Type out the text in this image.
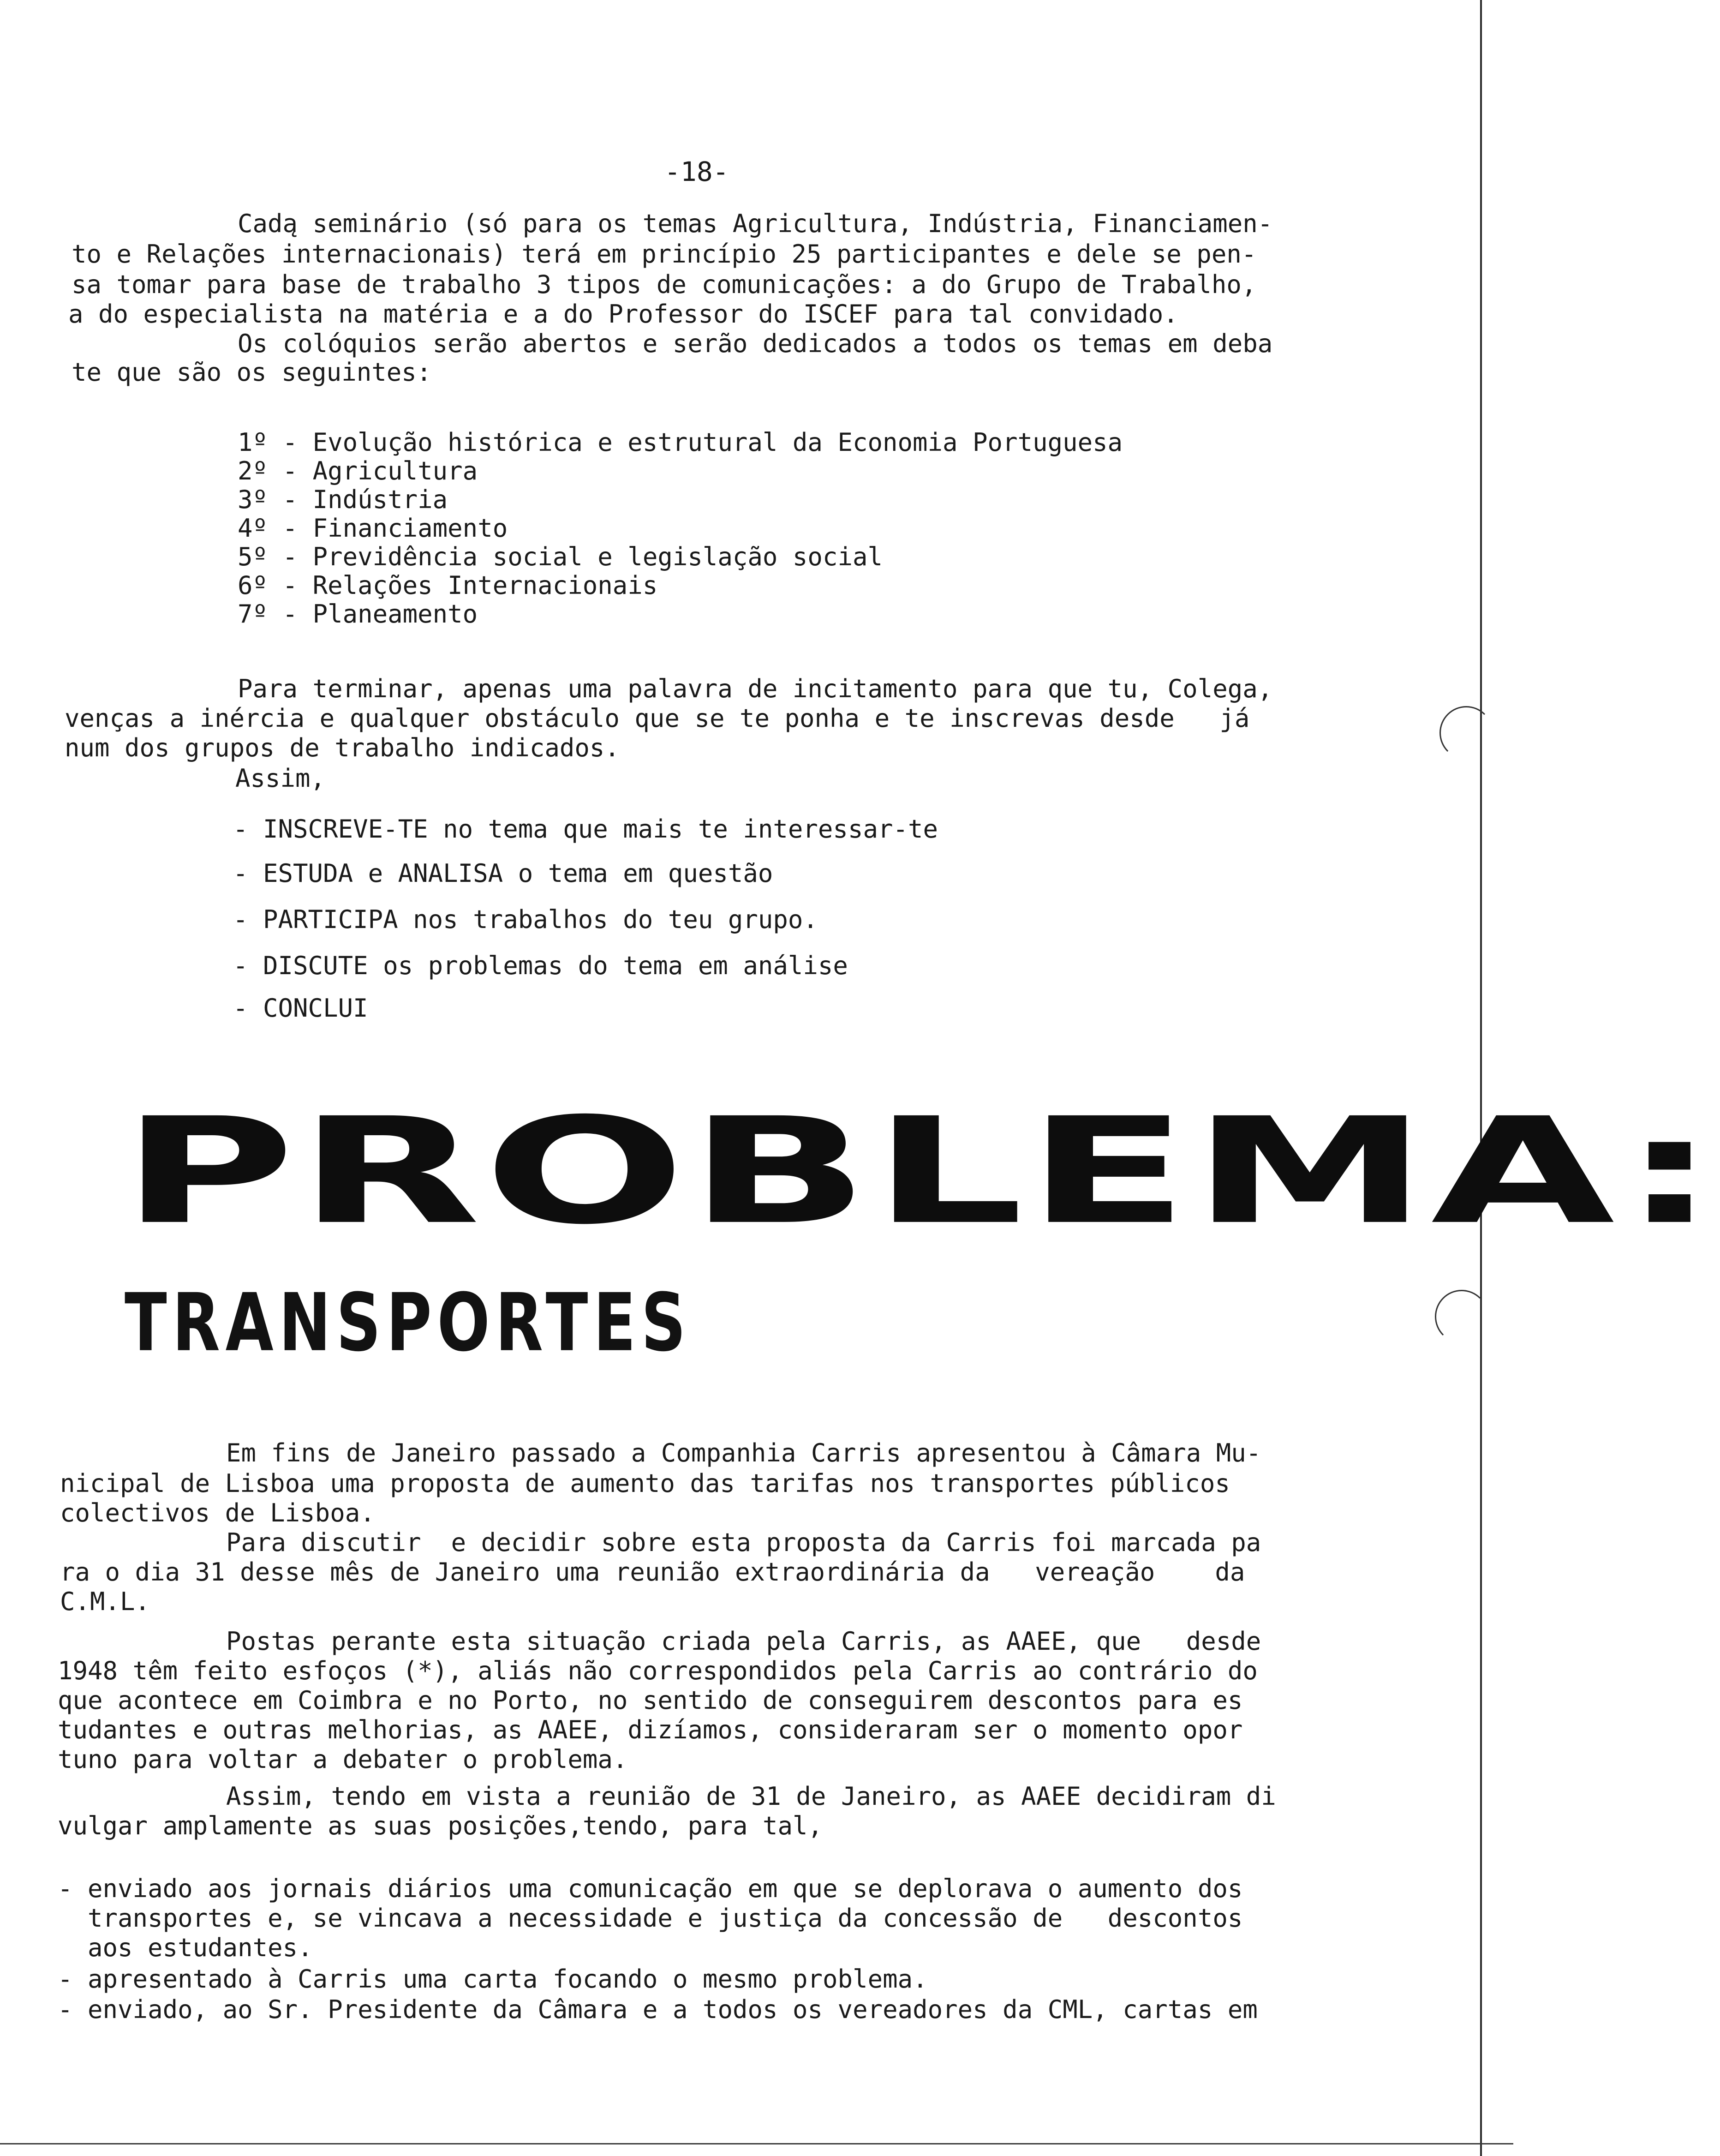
-18-
Cadą seminário (só para os temas Agricultura, Indústria, Financiamen-
to e Relações internacionais) terá em princípio 25 participantes e dele se pen-
sa tomar para base de trabalho 3 tipos de comunicações: a do Grupo de Trabalho,
a do especialista na matéria e a do Professor do ISCEF para tal convidado.
Os colóquios serão abertos e serão dedicados a todos os temas em deba
te que são os seguintes:
1º - Evolução histórica e estrutural da Economia Portuguesa
2º - Agricultura
3º - Indústria
4º - Financiamento
5º - Previdência social e legislação social
6º - Relações Internacionais
7º - Planeamento
Para terminar, apenas uma palavra de incitamento para que tu, Colega,
venças a inércia e qualquer obstáculo que se te ponha e te inscrevas desde   já
num dos grupos de trabalho indicados.
Assim,
- INSCREVE-TE no tema que mais te interessar-te
- ESTUDA e ANALISA o tema em questão
- PARTICIPA nos trabalhos do teu grupo.
- DISCUTE os problemas do tema em análise
- CONCLUI
PROBLEMA:
TRANSPORTES
Em fins de Janeiro passado a Companhia Carris apresentou à Câmara Mu-
nicipal de Lisboa uma proposta de aumento das tarifas nos transportes públicos
colectivos de Lisboa.
Para discutir  e decidir sobre esta proposta da Carris foi marcada pa
ra o dia 31 desse mês de Janeiro uma reunião extraordinária da   vereação    da
C.M.L.
Postas perante esta situação criada pela Carris, as AAEE, que   desde
1948 têm feito esfoços (*), aliás não correspondidos pela Carris ao contrário do
que acontece em Coimbra e no Porto, no sentido de conseguirem descontos para es
tudantes e outras melhorias, as AAEE, dizíamos, consideraram ser o momento opor
tuno para voltar a debater o problema.
Assim, tendo em vista a reunião de 31 de Janeiro, as AAEE decidiram di
vulgar amplamente as suas posições,tendo, para tal,
- enviado aos jornais diários uma comunicação em que se deplorava o aumento dos
transportes e, se vincava a necessidade e justiça da concessão de   descontos
aos estudantes.
- apresentado à Carris uma carta focando o mesmo problema.
- enviado, ao Sr. Presidente da Câmara e a todos os vereadores da CML, cartas em
